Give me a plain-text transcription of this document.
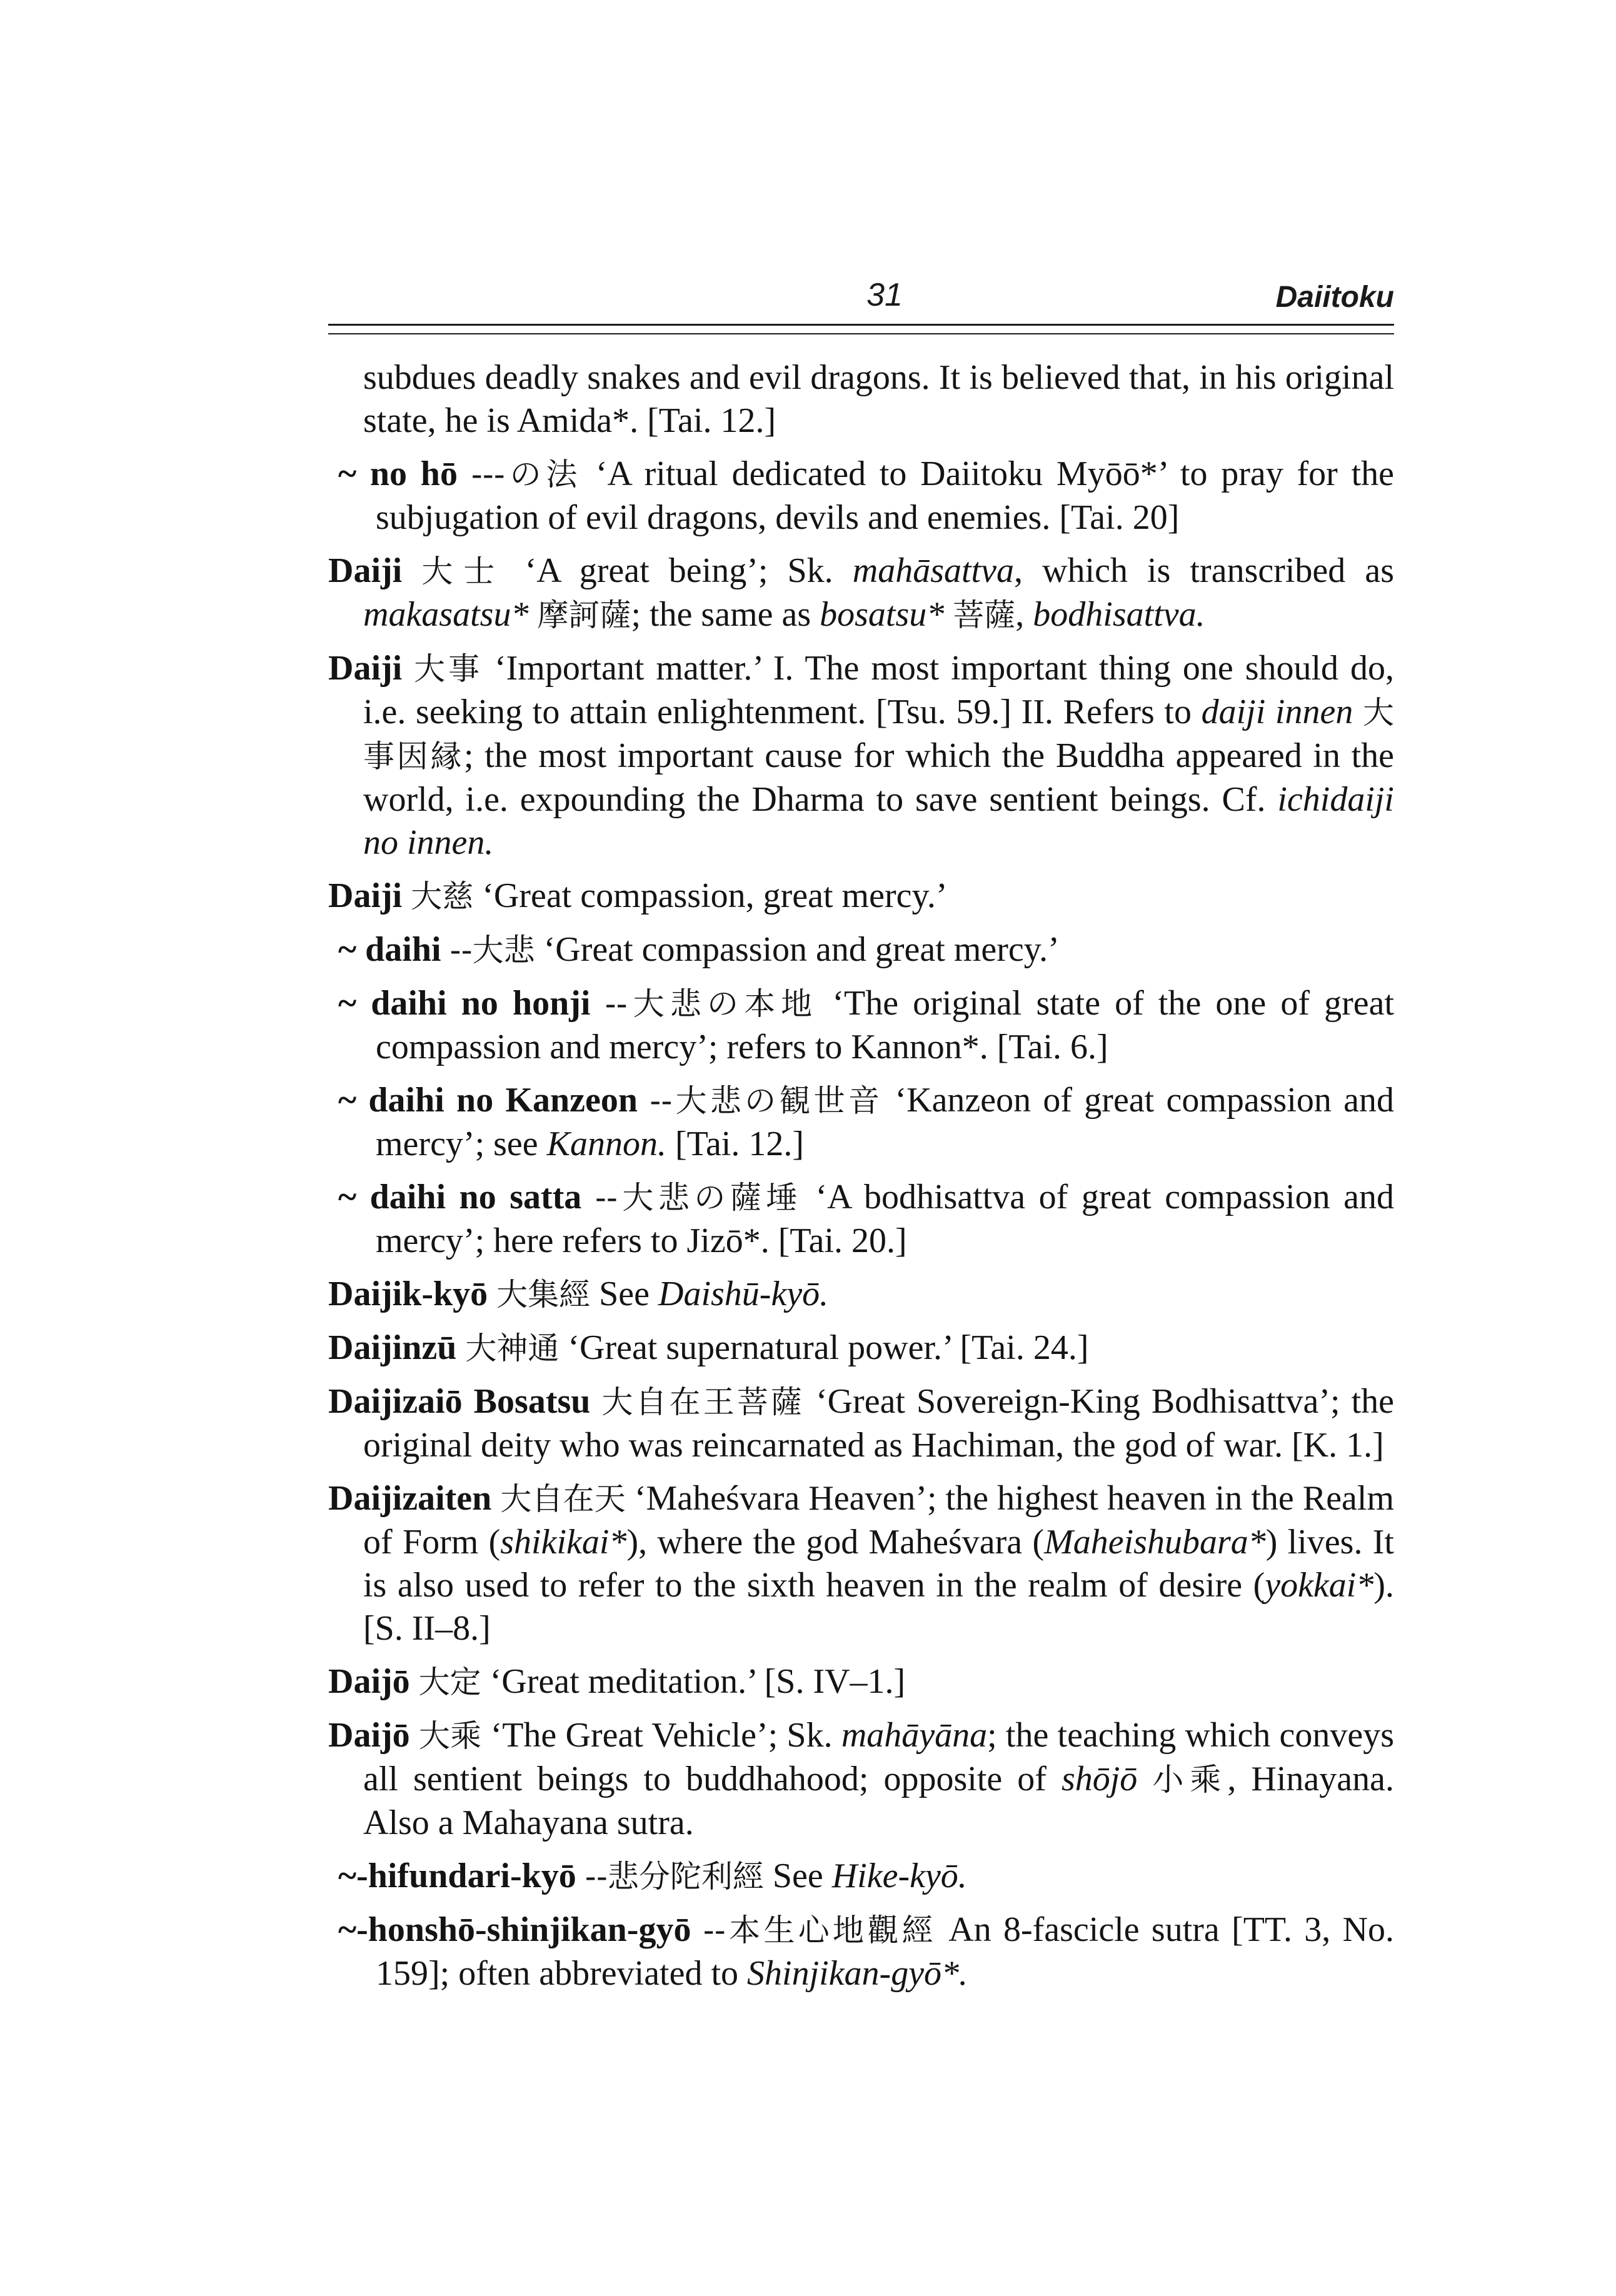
31	Daiitoku

subdues deadly snakes and evil dragons. It is believed that, in his original state, he is Amida*. [Tai. 12.]

~ no hō ---の法 ‘A ritual dedicated to Daiitoku Myōō*’ to pray for the subjugation of evil dragons, devils and enemies. [Tai. 20]

Daiji 大士 ‘A great being’; Sk. mahāsattva, which is transcribed as makasatsu* 摩訶薩; the same as bosatsu* 菩薩, bodhisattva.

Daiji 大事 ‘Important matter.’ I. The most important thing one should do, i.e. seeking to attain enlightenment. [Tsu. 59.] II. Refers to daiji innen 大事因縁; the most important cause for which the Buddha appeared in the world, i.e. expounding the Dharma to save sentient beings. Cf. ichidaiji no innen.

Daiji 大慈 ‘Great compassion, great mercy.’

~ daihi --大悲 ‘Great compassion and great mercy.’

~ daihi no honji --大悲の本地 ‘The original state of the one of great compassion and mercy’; refers to Kannon*. [Tai. 6.]

~ daihi no Kanzeon --大悲の観世音 ‘Kanzeon of great compassion and mercy’; see Kannon. [Tai. 12.]

~ daihi no satta --大悲の薩埵 ‘A bodhisattva of great compassion and mercy’; here refers to Jizō*. [Tai. 20.]

Daijik-kyō 大集經 See Daishū-kyō.

Daijinzū 大神通 ‘Great supernatural power.’ [Tai. 24.]

Daijizaiō Bosatsu 大自在王菩薩 ‘Great Sovereign-King Bodhisattva’; the original deity who was reincarnated as Hachiman, the god of war. [K. 1.]

Daijizaiten 大自在天 ‘Maheśvara Heaven’; the highest heaven in the Realm of Form (shikikai*), where the god Maheśvara (Maheishubara*) lives. It is also used to refer to the sixth heaven in the realm of desire (yokkai*). [S. II–8.]

Daijō 大定 ‘Great meditation.’ [S. IV–1.]

Daijō 大乘 ‘The Great Vehicle’; Sk. mahāyāna; the teaching which conveys all sentient beings to buddhahood; opposite of shōjō 小乘, Hinayana. Also a Mahayana sutra.

~-hifundari-kyō --悲分陀利經 See Hike-kyō.

~-honshō-shinjikan-gyō --本生心地觀經 An 8-fascicle sutra [TT. 3, No. 159]; often abbreviated to Shinjikan-gyō*.
